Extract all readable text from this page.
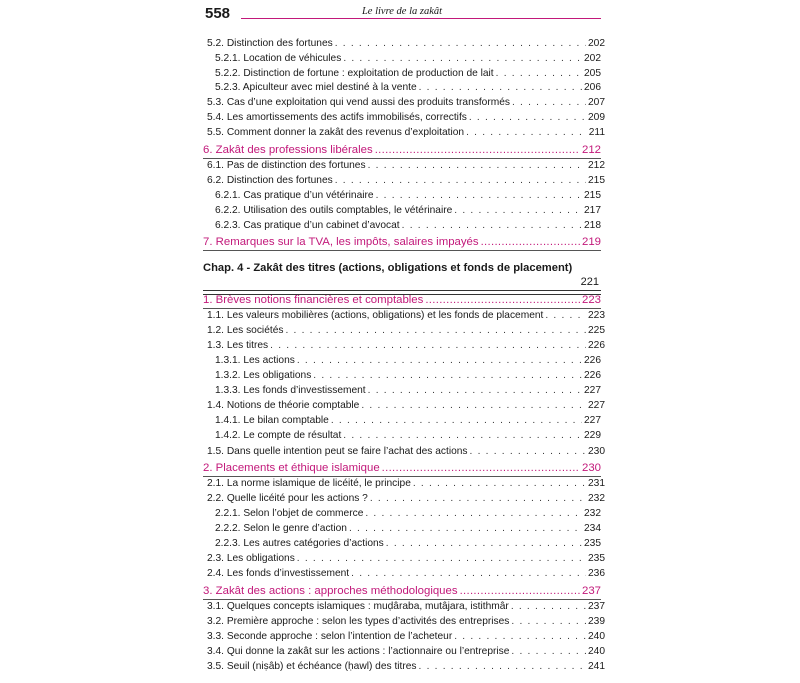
558	Le livre de la zakât
5.2. Distinction des fortunes . . .	202
5.2.1. Location de véhicules . . .	202
5.2.2. Distinction de fortune : exploitation de production de lait . . .	205
5.2.3. Apiculteur avec miel destiné à la vente . . .	206
5.3. Cas d’une exploitation qui vend aussi des produits transformés . . .	207
5.4. Les amortissements des actifs immobilisés, correctifs . . .	209
5.5. Comment donner la zakât des revenus d’exploitation . . .	211
6. Zakât des professions libérales .....	212
6.1. Pas de distinction des fortunes . . .	212
6.2. Distinction des fortunes . . .	215
6.2.1. Cas pratique d’un vétérinaire . . .	215
6.2.2. Utilisation des outils comptables, le vétérinaire . . .	217
6.2.3. Cas pratique d’un cabinet d’avocat . . .	218
7. Remarques sur la TVA, les impôts, salaires impayés .....	219
Chap. 4 - Zakât des titres (actions, obligations et fonds de placement)
221
1. Brèves notions financières et comptables .....	223
1.1. Les valeurs mobilières (actions, obligations) et les fonds de placement . . .	223
1.2. Les sociétés . . .	225
1.3. Les titres . . .	226
1.3.1. Les actions . . .	226
1.3.2. Les obligations . . .	226
1.3.3. Les fonds d’investissement . . .	227
1.4. Notions de théorie comptable . . .	227
1.4.1. Le bilan comptable . . .	227
1.4.2. Le compte de résultat . . .	229
1.5. Dans quelle intention peut se faire l’achat des actions . . .	230
2. Placements et éthique islamique .....	230
2.1. La norme islamique de licéité, le principe . . .	231
2.2. Quelle licéité pour les actions ? . . .	232
2.2.1. Selon l’objet de commerce . . .	232
2.2.2. Selon le genre d’action . . .	234
2.2.3. Les autres catégories d’actions . . .	235
2.3. Les obligations . . .	235
2.4. Les fonds d’investissement . . .	236
3. Zakât des actions : approches méthodologiques .....	237
3.1. Quelques concepts islamiques : muḍâraba, mutâjara, istithmâr . . .	237
3.2. Première approche : selon les types d’activités des entreprises . . .	239
3.3. Seconde approche : selon l’intention de l’acheteur . . .	240
3.4. Qui donne la zakât sur les actions : l’actionnaire ou l’entreprise . . .	240
3.5. Seuil (niṣâb) et échéance (ḥawl) des titres . . .	241
